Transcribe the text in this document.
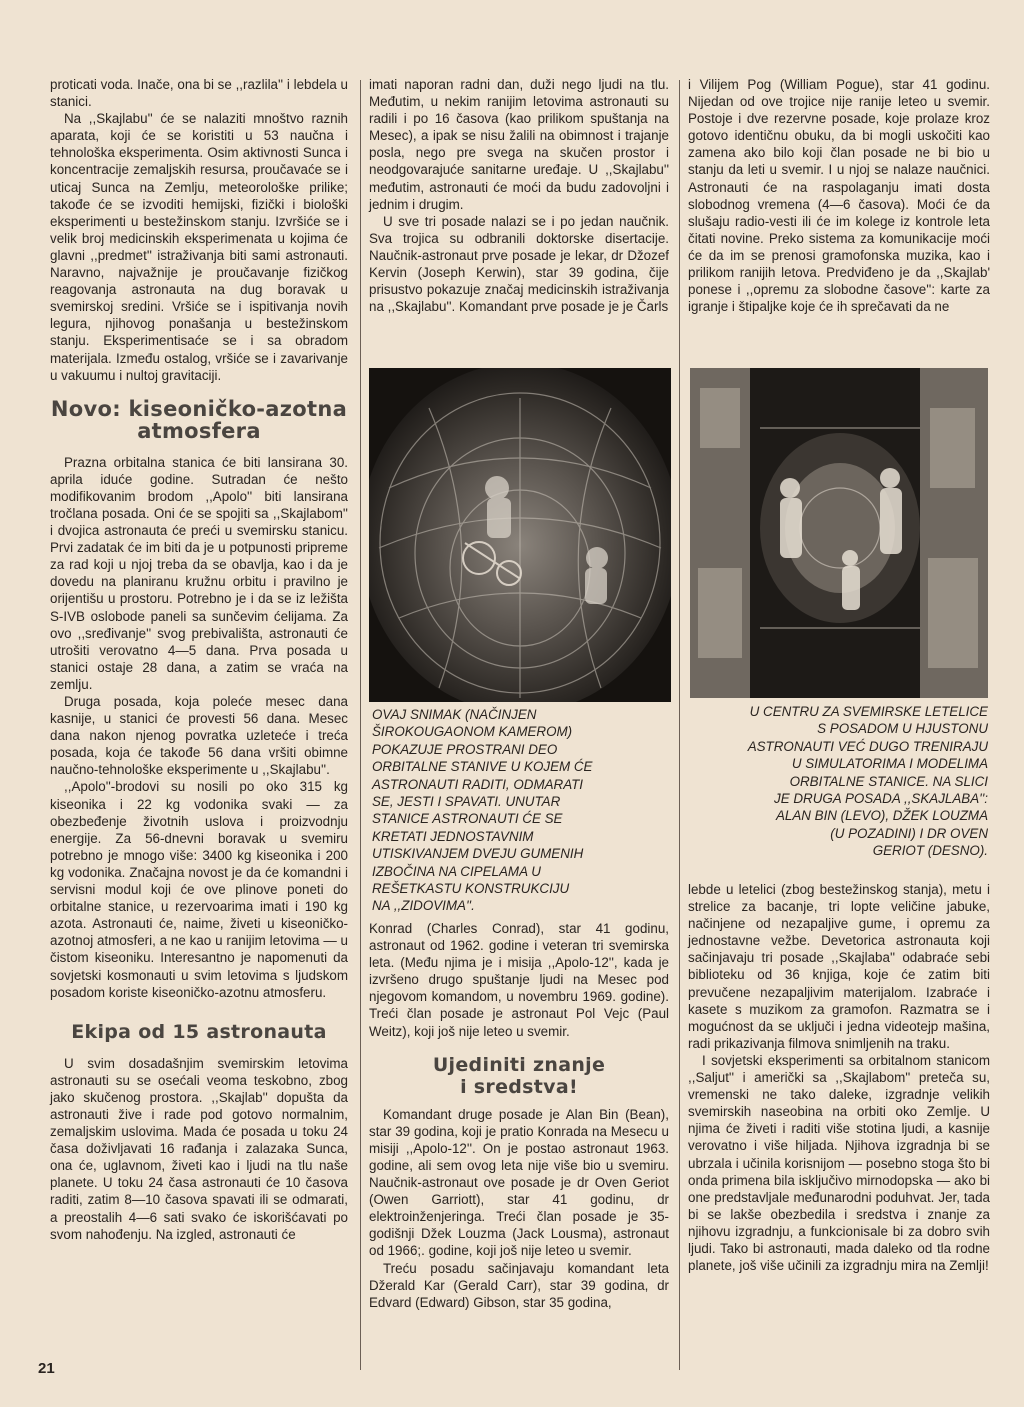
proticati voda. Inače, ona bi se ,,razlila'' i lebdela u stanici.

Na ,,Skajlabu'' će se nalaziti mnoštvo raznih aparata, koji će se koristiti u 53 naučna i tehnološka eksperimenta. Osim aktivnosti Sunca i koncentracije zemaljskih resursa, proučavaće se i uticaj Sunca na Zemlju, meteorološke prilike; takođe će se izvoditi hemijski, fizički i biološki eksperimenti u bestežinskom stanju. Izvršiće se i velik broj medicinskih eksperimenata u kojima će glavni ,,predmet'' istraživanja biti sami astronauti. Naravno, najvažnije je proučavanje fizičkog reagovanja astronauta na dug boravak u svemirskoj sredini. Vršiće se i ispitivanja novih legura, njihovog ponašanja u bestežinskom stanju. Eksperimentisaće se i sa obradom materijala. Između ostalog, vršiće se i zavarivanje u vakuumu i nultoj gravitaciji.

Novo: kiseoničko-azotna atmosfera

Prazna orbitalna stanica će biti lansirana 30. aprila iduće godine. Sutradan će nešto modifikovanim brodom ,,Apolo'' biti lansirana tročlana posada. Oni će se spojiti sa ,,Skajlabom'' i dvojica astronauta će preći u svemirsku stanicu. Prvi zadatak će im biti da je u potpunosti pripreme za rad koji u njoj treba da se obavlja, kao i da je dovedu na planiranu kružnu orbitu i pravilno je orijentišu u prostoru. Potrebno je i da se iz ležišta S-IVB oslobode paneli sa sunčevim ćelijama. Za ovo ,,sređivanje'' svog prebivališta, astronauti će utrošiti verovatno 4—5 dana. Prva posada u stanici ostaje 28 dana, a zatim se vraća na zemlju.

Druga posada, koja poleće mesec dana kasnije, u stanici će provesti 56 dana. Mesec dana nakon njenog povratka uzleteće i treća posada, koja će takođe 56 dana vršiti obimne naučno-tehnološke eksperimente u ,,Skajlabu''.

,,Apolo''-brodovi su nosili po oko 315 kg kiseonika i 22 kg vodonika svaki — za obezbeđenje životnih uslova i proizvodnju energije. Za 56-dnevni boravak u svemiru potrebno je mnogo više: 3400 kg kiseonika i 200 kg vodonika. Značajna novost je da će komandni i servisni modul koji će ove plinove poneti do orbitalne stanice, u rezervoarima imati i 190 kg azota. Astronauti će, naime, živeti u kiseoničko-azotnoj atmosferi, a ne kao u ranijim letovima — u čistom kiseoniku. Interesantno je napomenuti da sovjetski kosmonauti u svim letovima s ljudskom posadom koriste kiseoničko-azotnu atmosferu.

Ekipa od 15 astronauta

U svim dosadašnjim svemirskim letovima astronauti su se osećali veoma teskobno, zbog jako skučenog prostora. ,,Skajlab'' dopušta da astronauti žive i rade pod gotovo normalnim, zemaljskim uslovima. Mada će posada u toku 24 časa doživljavati 16 rađanja i zalazaka Sunca, ona će, uglavnom, živeti kao i ljudi na tlu naše planete. U toku 24 časa astronauti će 10 časova raditi, zatim 8—10 časova spavati ili se odmarati, a preostalih 4—6 sati svako će iskorišćavati po svom nahođenju. Na izgled, astronauti će

imati naporan radni dan, duži nego ljudi na tlu. Međutim, u nekim ranijim letovima astronauti su radili i po 16 časova (kao prilikom spuštanja na Mesec), a ipak se nisu žalili na obimnost i trajanje posla, nego pre svega na skučen prostor i neodgovarajuće sanitarne uređaje. U ,,Skajlabu'' međutim, astronauti će moći da budu zadovoljni i jednim i drugim.

U sve tri posade nalazi se i po jedan naučnik. Sva trojica su odbranili doktorske disertacije. Naučnik-astronaut prve posade je lekar, dr Džozef Kervin (Joseph Kerwin), star 39 godina, čije prisustvo pokazuje značaj medicinskih istraživanja na ,,Skajlabu''. Komandant prve posade je je Čarls

OVAJ SNIMAK (NAČINJEN
ŠIROKOUGAONOM KAMEROM)
POKAZUJE PROSTRANI DEO
ORBITALNE STANIVE U KOJEM ĆE
ASTRONAUTI RADITI, ODMARATI
SE, JESTI I SPAVATI. UNUTAR
STANICE ASTRONAUTI ĆE SE
KRETATI JEDNOSTAVNIM
UTISKIVANJEM DVEJU GUMENIH
IZBOČINA NA CIPELAMA U
REŠETKASTU KONSTRUKCIJU
NA ,,ZIDOVIMA''.

Konrad (Charles Conrad), star 41 godinu, astronaut od 1962. godine i veteran tri svemirska leta. (Među njima je i misija ,,Apolo-12'', kada je izvršeno drugo spuštanje ljudi na Mesec pod njegovom komandom, u novembru 1969. godine). Treći član posade je astronaut Pol Vejc (Paul Weitz), koji još nije leteo u svemir.

Ujediniti znanje i sredstva!

Komandant druge posade je Alan Bin (Bean), star 39 godina, koji je pratio Konrada na Mesecu u misiji ,,Apolo-12''. On je postao astronaut 1963. godine, ali sem ovog leta nije više bio u svemiru. Naučnik-astronaut ove posade je dr Oven Geriot (Owen Garriott), star 41 godinu, dr elektroinženjeringa. Treći član posade je 35-godišnji Džek Louzma (Jack Lousma), astronaut od 1966;. godine, koji još nije leteo u svemir.

Treću posadu sačinjavaju komandant leta Džerald Kar (Gerald Carr), star 39 godina, dr Edvard (Edward) Gibson, star 35 godina,

i Vilijem Pog (William Pogue), star 41 godinu. Nijedan od ove trojice nije ranije leteo u svemir. Postoje i dve rezervne posade, koje prolaze kroz gotovo identičnu obuku, da bi mogli uskočiti kao zamena ako bilo koji član posade ne bi bio u stanju da leti u svemir. I u njoj se nalaze naučnici. Astronauti će na raspolaganju imati dosta slobodnog vremena (4—6 časova). Moći će da slušaju radio-vesti ili će im kolege iz kontrole leta čitati novine. Preko sistema za komunikacije moći će da im se prenosi gramofonska muzika, kao i prilikom ranijih letova. Predviđeno je da ,,Skajlab' ponese i ,,opremu za slobodne časove'': karte za igranje i štipaljke koje će ih sprečavati da ne

U CENTRU ZA SVEMIRSKE LETELICE
S POSADOM U HJUSTONU
ASTRONAUTI VEĆ DUGO TRENIRAJU
U SIMULATORIMA I MODELIMA
ORBITALNE STANICE. NA SLICI
JE DRUGA POSADA ,,SKAJLABA'':
ALAN BIN (LEVO), DŽEK LOUZMA
(U POZADINI) I DR OVEN
GERIOT (DESNO).

lebde u letelici (zbog bestežinskog stanja), metu i strelice za bacanje, tri lopte veličine jabuke, načinjene od nezapaljive gume, i opremu za jednostavne vežbe. Devetorica astronauta koji sačinjavaju tri posade ,,Skajlaba'' odabraće sebi biblioteku od 36 knjiga, koje će zatim biti prevučene nezapaljivim materijalom. Izabraće i kasete s muzikom za gramofon. Razmatra se i mogućnost da se uključi i jedna videotejp mašina, radi prikazivanja filmova snimljenih na traku.

I sovjetski eksperimenti sa orbitalnom stanicom ,,Saljut'' i američki sa ,,Skajlabom'' preteča su, vremenski ne tako daleke, izgradnje velikih svemirskih naseobina na orbiti oko Zemlje. U njima će živeti i raditi više stotina ljudi, a kasnije verovatno i više hiljada. Njihova izgradnja bi se ubrzala i učinila korisnijom — posebno stoga što bi onda primena bila isključivo mirnodopska — ako bi one predstavljale međunarodni poduhvat. Jer, tada bi se lakše obezbedila i sredstva i znanje za njihovu izgradnju, a funkcionisale bi za dobro svih ljudi. Tako bi astronauti, mada daleko od tla rodne planete, još više učinili za izgradnju mira na Zemlji!

21
